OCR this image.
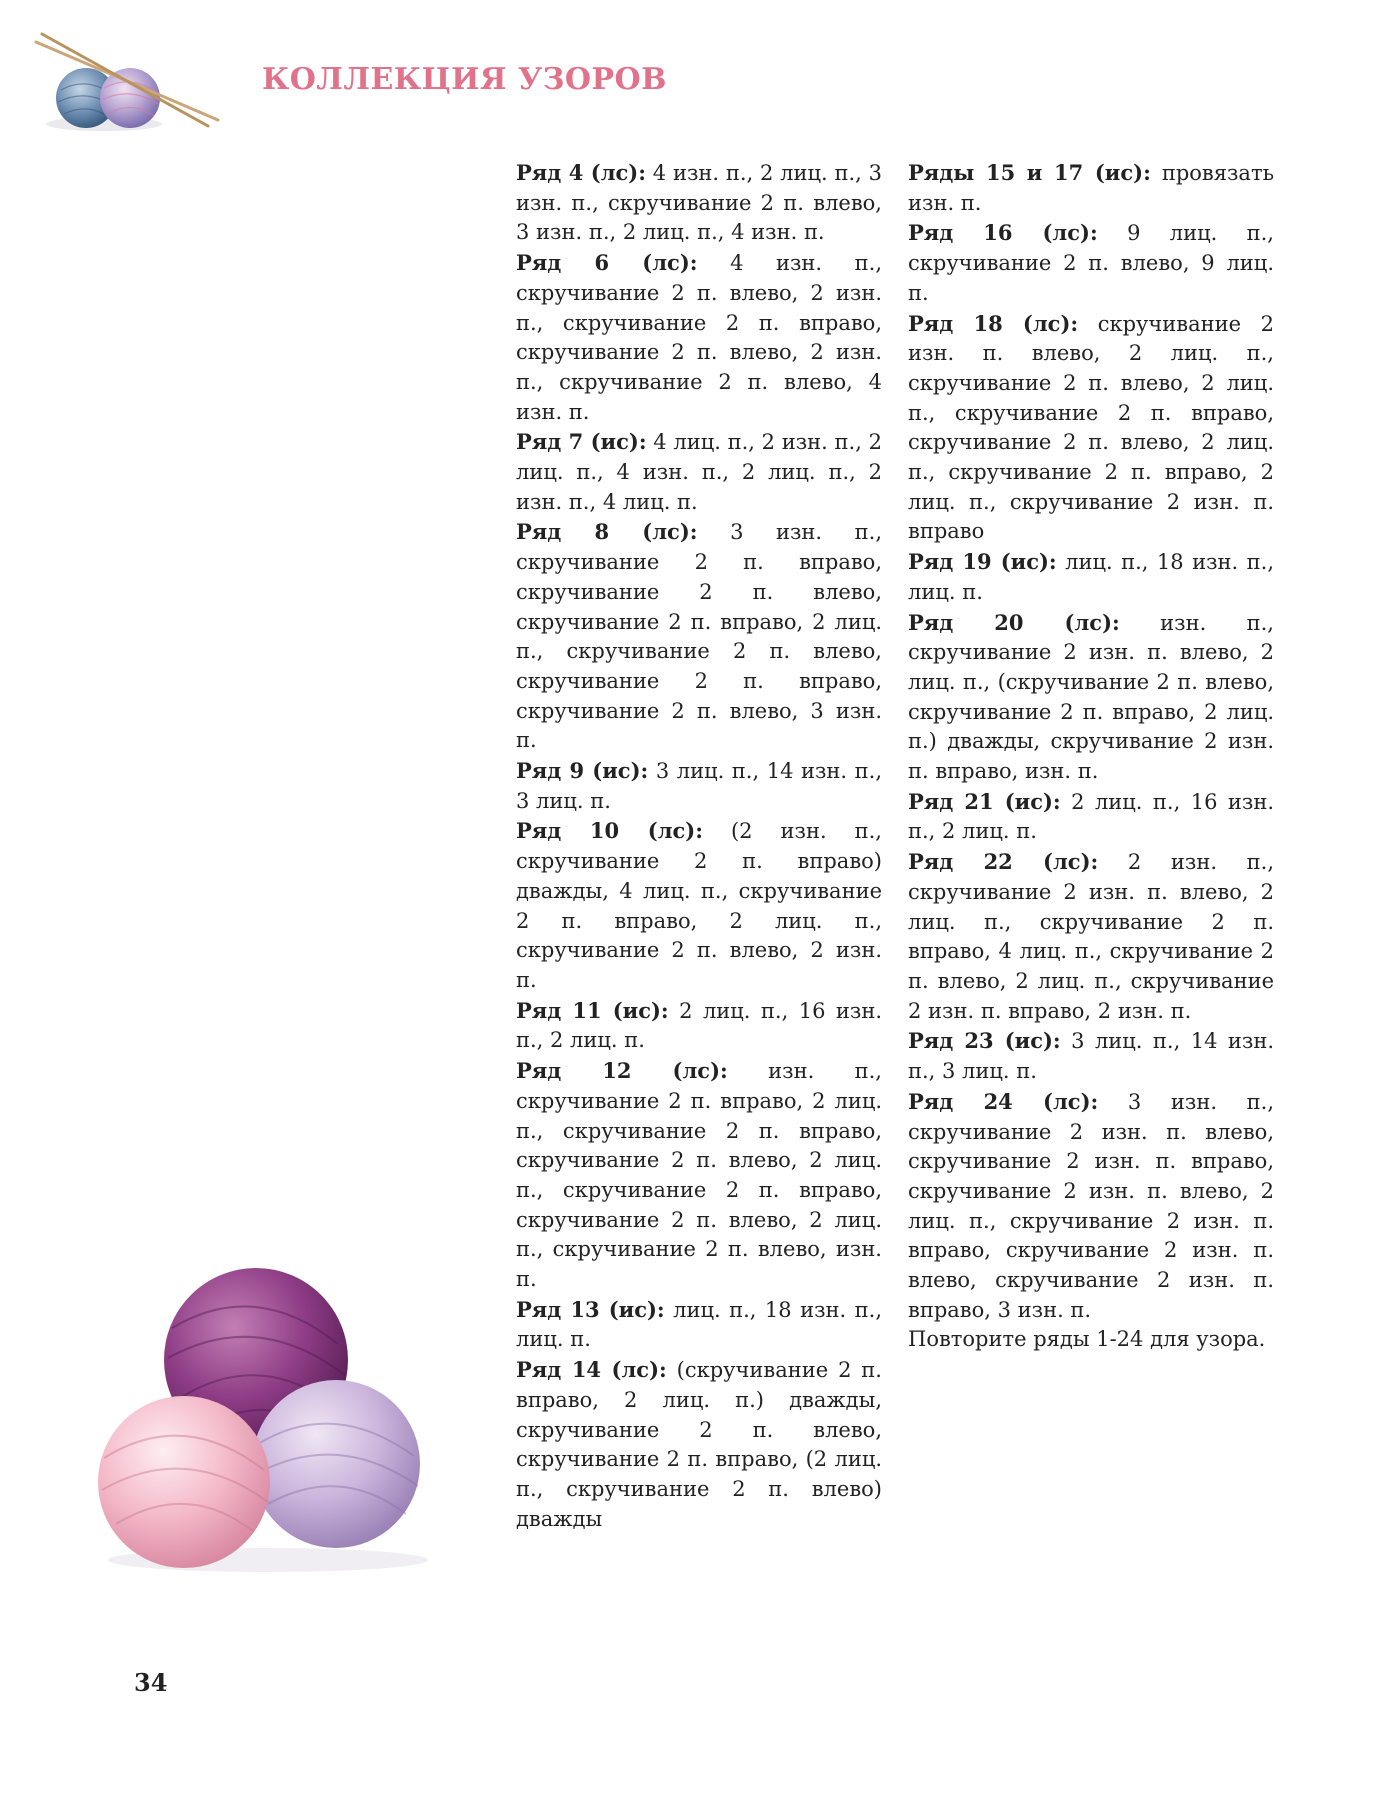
КОЛЛЕКЦИЯ УЗОРОВ

Ряд 4 (лс): 4 изн. п., 2 лиц. п., 3 изн. п., скручивание 2 п. влево, 3 изн. п., 2 лиц. п., 4 изн. п.

Ряд 6 (лс): 4 изн. п., скручивание 2 п. влево, 2 изн. п., скручивание 2 п. вправо, скручивание 2 п. влево, 2 изн. п., скручивание 2 п. влево, 4 изн. п.

Ряд 7 (ис): 4 лиц. п., 2 изн. п., 2 лиц. п., 4 изн. п., 2 лиц. п., 2 изн. п., 4 лиц. п.

Ряд 8 (лс): 3 изн. п., скручивание 2 п. вправо, скручивание 2 п. влево, скручивание 2 п. вправо, 2 лиц. п., скручивание 2 п. влево, скручивание 2 п. вправо, скручивание 2 п. влево, 3 изн. п.

Ряд 9 (ис): 3 лиц. п., 14 изн. п., 3 лиц. п.

Ряд 10 (лс): (2 изн. п., скручивание 2 п. вправо) дважды, 4 лиц. п., скручивание 2 п. вправо, 2 лиц. п., скручивание 2 п. влево, 2 изн. п.

Ряд 11 (ис): 2 лиц. п., 16 изн. п., 2 лиц. п.

Ряд 12 (лс): изн. п., скручивание 2 п. вправо, 2 лиц. п., скручивание 2 п. вправо, скручивание 2 п. влево, 2 лиц. п., скручивание 2 п. вправо, скручивание 2 п. влево, 2 лиц. п., скручивание 2 п. влево, изн. п.

Ряд 13 (ис): лиц. п., 18 изн. п., лиц. п.

Ряд 14 (лс): (скручивание 2 п. вправо, 2 лиц. п.) дважды, скручивание 2 п. влево, скручивание 2 п. вправо, (2 лиц. п., скручивание 2 п. влево) дважды

Ряды 15 и 17 (ис): провязать изн. п.

Ряд 16 (лс): 9 лиц. п., скручивание 2 п. влево, 9 лиц. п.

Ряд 18 (лс): скручивание 2 изн. п. влево, 2 лиц. п., скручивание 2 п. влево, 2 лиц. п., скручивание 2 п. вправо, скручивание 2 п. влево, 2 лиц. п., скручивание 2 п. вправо, 2 лиц. п., скручивание 2 изн. п. вправо

Ряд 19 (ис): лиц. п., 18 изн. п., лиц. п.

Ряд 20 (лс): изн. п., скручивание 2 изн. п. влево, 2 лиц. п., (скручивание 2 п. влево, скручивание 2 п. вправо, 2 лиц. п.) дважды, скручивание 2 изн. п. вправо, изн. п.

Ряд 21 (ис): 2 лиц. п., 16 изн. п., 2 лиц. п.

Ряд 22 (лс): 2 изн. п., скручивание 2 изн. п. влево, 2 лиц. п., скручивание 2 п. вправо, 4 лиц. п., скручивание 2 п. влево, 2 лиц. п., скручивание 2 изн. п. вправо, 2 изн. п.

Ряд 23 (ис): 3 лиц. п., 14 изн. п., 3 лиц. п.

Ряд 24 (лс): 3 изн. п., скручивание 2 изн. п. влево, скручивание 2 изн. п. вправо, скручивание 2 изн. п. влево, 2 лиц. п., скручивание 2 изн. п. вправо, скручивание 2 изн. п. влево, скручивание 2 изн. п. вправо, 3 изн. п.

Повторите ряды 1-24 для узора.

34
